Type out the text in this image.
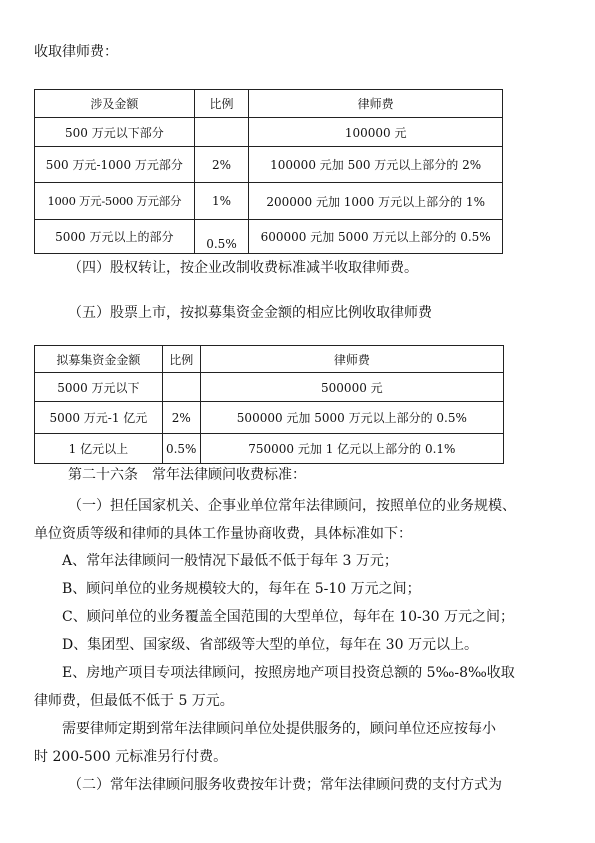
收取律师费：
涉及金额	比例	律师费
500 万元以下部分		100000 元
500 万元-1000 万元部分	2%	100000 元加 500 万元以上部分的 2%
1000 万元-5000 万元部分	1%	200000 元加 1000 万元以上部分的 1%
5000 万元以上的部分	0.5%	600000 元加 5000 万元以上部分的 0.5%
（四）股权转让，按企业改制收费标准减半收取律师费。
（五）股票上市，按拟募集资金金额的相应比例收取律师费
拟募集资金金额	比例	律师费
5000 万元以下		500000 元
5000 万元-1 亿元	2%	500000 元加 5000 万元以上部分的 0.5%
1 亿元以上	0.5%	750000 元加 1 亿元以上部分的 0.1%
第二十六条　常年法律顾问收费标准：
（一）担任国家机关、企事业单位常年法律顾问，按照单位的业务规模、
单位资质等级和律师的具体工作量协商收费，具体标准如下：
A、常年法律顾问一般情况下最低不低于每年 3 万元；
B、顾问单位的业务规模较大的，每年在 5-10 万元之间；
C、顾问单位的业务覆盖全国范围的大型单位，每年在 10-30 万元之间；
D、集团型、国家级、省部级等大型的单位，每年在 30 万元以上。
E、房地产项目专项法律顾问，按照房地产项目投资总额的 5‰-8‰收取
律师费，但最低不低于 5 万元。
需要律师定期到常年法律顾问单位处提供服务的，顾问单位还应按每小
时 200-500 元标准另行付费。
（二）常年法律顾问服务收费按年计费；常年法律顾问费的支付方式为
